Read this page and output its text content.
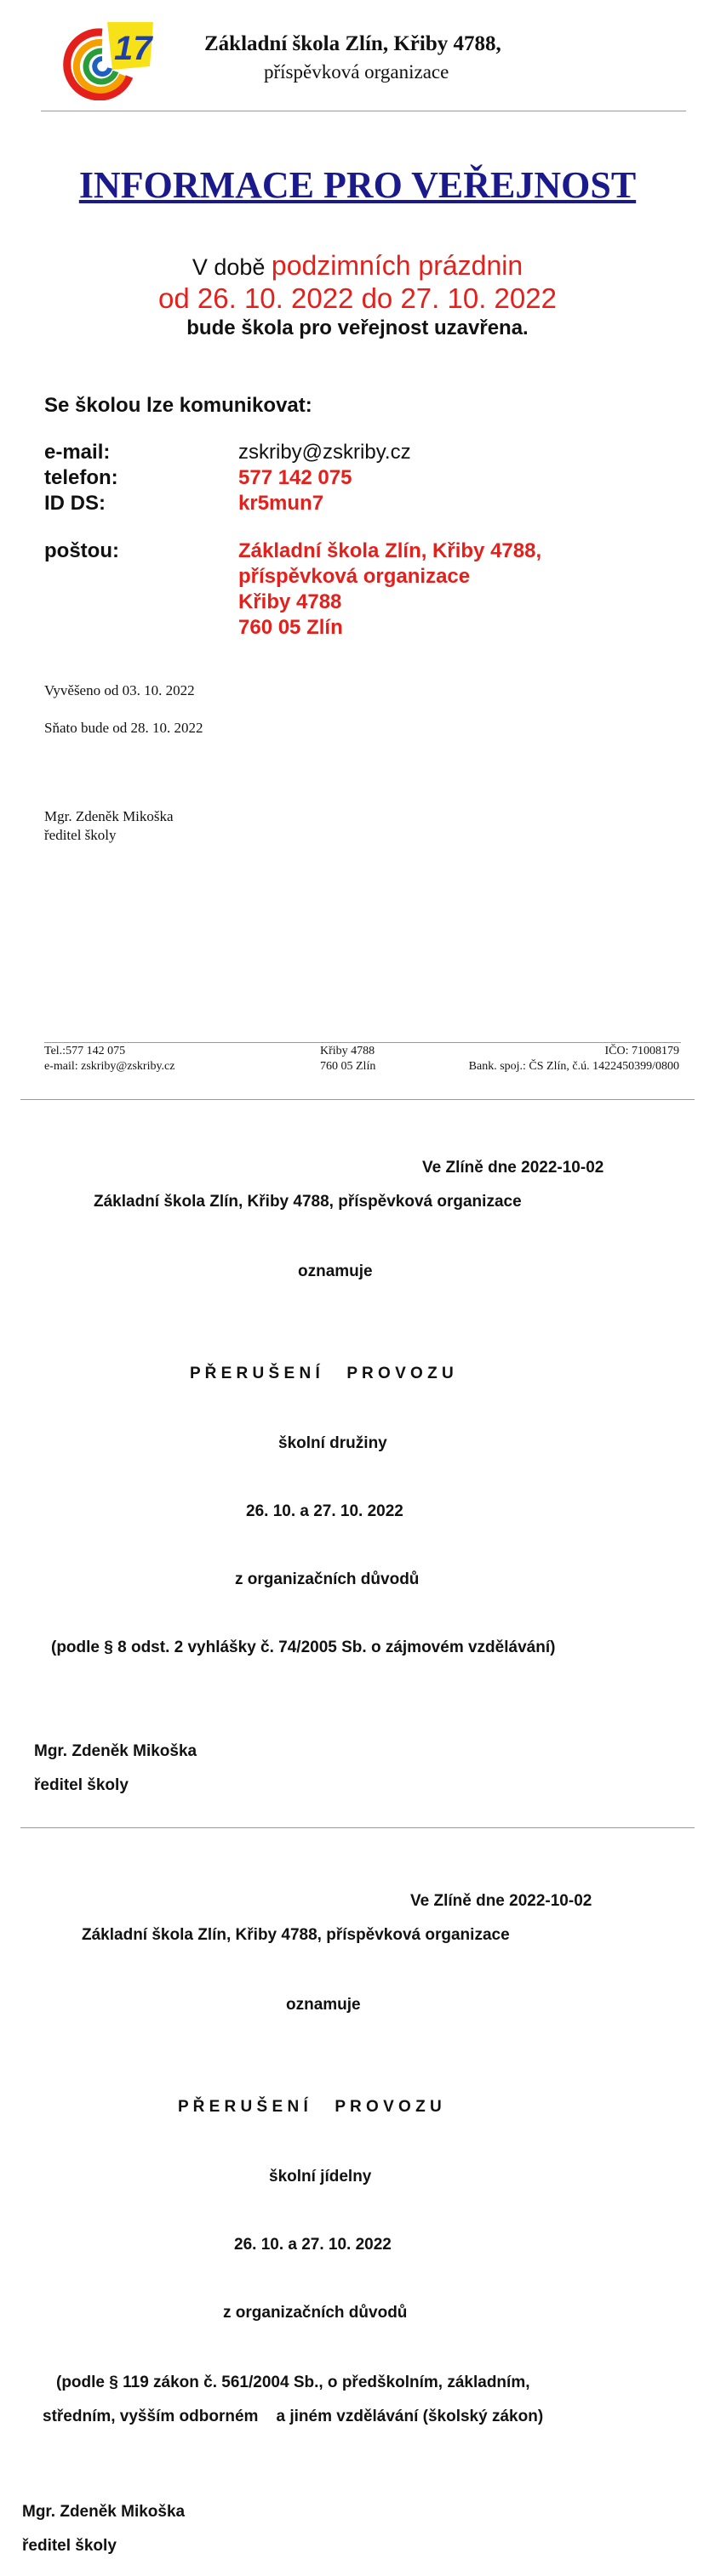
17 Základní škola Zlín, Křiby 4788,
příspěvková organizace
INFORMACE PRO VEŘEJNOST
V době podzimních prázdnin
od 26. 10. 2022 do 27. 10. 2022
bude škola pro veřejnost uzavřena.
Se školou lze komunikovat:
e-mail:	zskriby@zskriby.cz
telefon:	577 142 075
ID DS:	kr5mun7
poštou:	Základní škola Zlín, Křiby 4788,
příspěvková organizace
Křiby 4788
760 05 Zlín
Vyvěšeno od 03. 10. 2022
Sňato bude od 28. 10. 2022
Mgr. Zdeněk Mikoška
ředitel školy
Tel.:577 142 075
e-mail: zskriby@zskriby.cz
Křiby 4788
760 05 Zlín
IČO: 71008179
Bank. spoj.: ČS Zlín, č.ú. 1422450399/0800
Ve Zlíně dne 2022-10-02
Základní škola Zlín, Křiby 4788, příspěvková organizace
oznamuje
P Ř E R U Š E N Í      P R O V O Z U
školní družiny
26. 10. a 27. 10. 2022
z organizačních důvodů
(podle § 8 odst. 2 vyhlášky č. 74/2005 Sb. o zájmovém vzdělávání)
Mgr. Zdeněk Mikoška
ředitel školy
Ve Zlíně dne 2022-10-02
Základní škola Zlín, Křiby 4788, příspěvková organizace
oznamuje
P Ř E R U Š E N Í      P R O V O Z U
školní jídelny
26. 10. a 27. 10. 2022
z organizačních důvodů
(podle § 119 zákon č. 561/2004 Sb., o předškolním, základním,
středním, vyšším odborném    a jiném vzdělávání (školský zákon)
Mgr. Zdeněk Mikoška
ředitel školy
